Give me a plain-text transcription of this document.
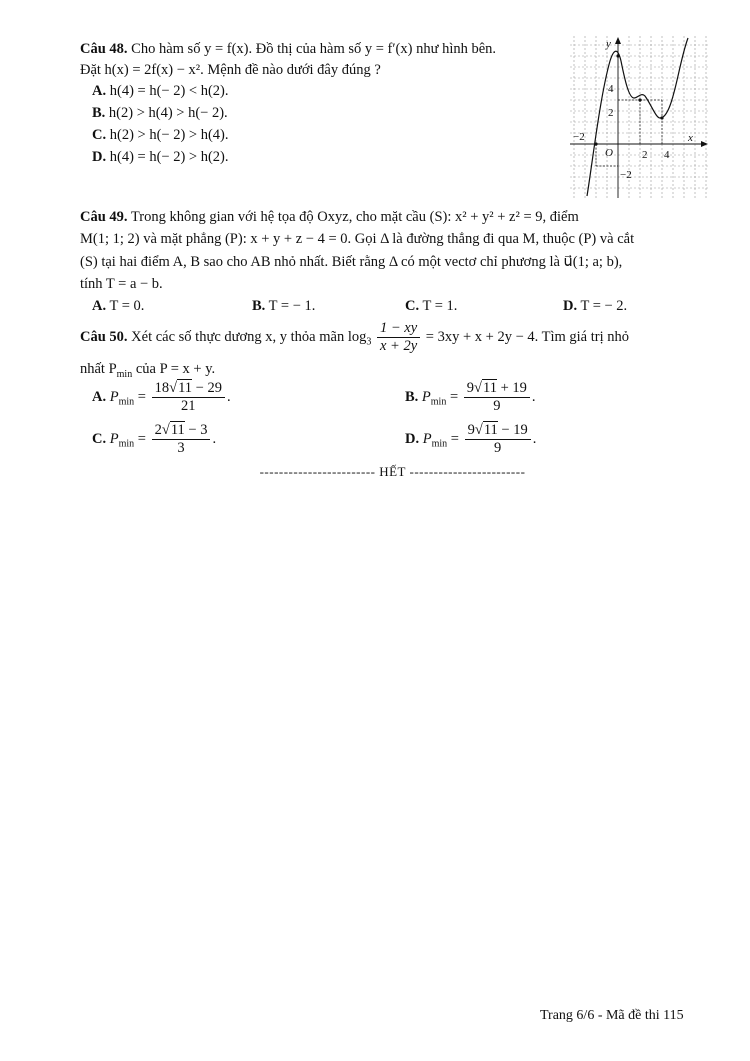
Câu 48. Cho hàm số y = f(x). Đồ thị của hàm số y = f′(x) như hình bên.
Đặt h(x) = 2f(x) − x². Mệnh đề nào dưới đây đúng ?
A. h(4) = h(− 2) < h(2).
B. h(2) > h(4) > h(− 2).
C. h(2) > h(− 2) > h(4).
D. h(4) = h(− 2) > h(2).
y
x
O
4
2
−2
2 4
−2
Câu 49. Trong không gian với hệ tọa độ Oxyz, cho mặt cầu (S): x² + y² + z² = 9, điểm
M(1; 1; 2) và mặt phẳng (P): x + y + z − 4 = 0. Gọi Δ là đường thẳng đi qua M, thuộc (P) và cắt
(S) tại hai điểm A, B sao cho AB nhỏ nhất. Biết rằng Δ có một vectơ chỉ phương là u⃗(1; a; b),
tính T = a − b.
A. T = 0.	B. T = − 1.	C. T = 1.	D. T = − 2.
Câu 50. Xét các số thực dương x, y thỏa mãn $\log_3 \frac{1 - xy}{x + 2y} = 3xy + x + 2y - 4$. Tìm giá trị nhỏ
nhất $P_{min}$ của P = x + y.
A. $P_{min} = \frac{18√11 - 29}{21}$ .	B. $P_{min} = \frac{9√11 + 19}{9}$ .
C. $P_{min} = \frac{2√11 - 3}{3}$ .	D. $P_{min} = \frac{9√11 - 19}{9}$ .
------------------------ HẾT ------------------------
Trang 6/6 - Mã đề thi 115
